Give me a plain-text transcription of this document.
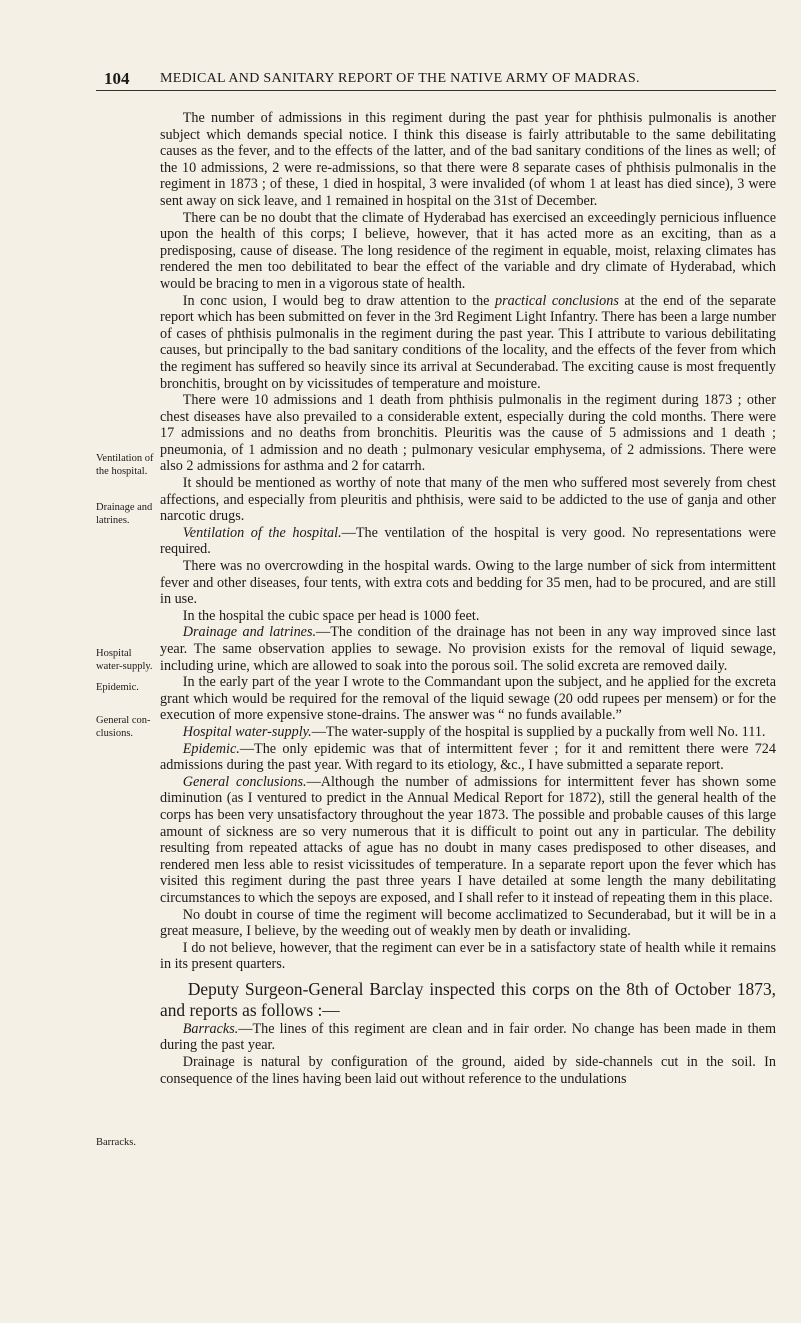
104 MEDICAL AND SANITARY REPORT OF THE NATIVE ARMY OF MADRAS.
Ventilation of the hospital.
Drainage and latrines.
Hospital water-supply.
Epidemic.
General con-clusions.
Barracks.

The number of admissions in this regiment during the past year for phthisis pulmonalis is another subject which demands special notice. I think this disease is fairly attributable to the same debilitating causes as the fever, and to the effects of the latter, and of the bad sanitary conditions of the lines as well; of the 10 admissions, 2 were re-admissions, so that there were 8 separate cases of phthisis pulmonalis in the regiment in 1873 ; of these, 1 died in hospital, 3 were invalided (of whom 1 at least has died since), 3 were sent away on sick leave, and 1 remained in hospital on the 31st of December.

There can be no doubt that the climate of Hyderabad has exercised an exceedingly pernicious influence upon the health of this corps; I believe, however, that it has acted more as an exciting, than as a predisposing, cause of disease. The long residence of the regiment in equable, moist, relaxing climates has rendered the men too debilitated to bear the effect of the variable and dry climate of Hyderabad, which would be bracing to men in a vigorous state of health.

In conc usion, I would beg to draw attention to the practical conclusions at the end of the separate report which has been submitted on fever in the 3rd Regiment Light Infantry. There has been a large number of cases of phthisis pulmonalis in the regiment during the past year. This I attribute to various debilitating causes, but principally to the bad sanitary conditions of the locality, and the effects of the fever from which the regiment has suffered so heavily since its arrival at Secunderabad. The exciting cause is most frequently bronchitis, brought on by vicissitudes of temperature and moisture.

There were 10 admissions and 1 death from phthisis pulmonalis in the regiment during 1873 ; other chest diseases have also prevailed to a considerable extent, especially during the cold months. There were 17 admissions and no deaths from bronchitis. Pleuritis was the cause of 5 admissions and 1 death ; pneumonia, of 1 admission and no death ; pulmonary vesicular emphysema, of 2 admissions. There were also 2 admissions for asthma and 2 for catarrh.

It should be mentioned as worthy of note that many of the men who suffered most severely from chest affections, and especially from pleuritis and phthisis, were said to be addicted to the use of ganja and other narcotic drugs.

Ventilation of the hospital.—The ventilation of the hospital is very good. No representations were required.

There was no overcrowding in the hospital wards. Owing to the large number of sick from intermittent fever and other diseases, four tents, with extra cots and bedding for 35 men, had to be procured, and are still in use.

In the hospital the cubic space per head is 1000 feet.

Drainage and latrines.—The condition of the drainage has not been in any way improved since last year. The same observation applies to sewage. No provision exists for the removal of liquid sewage, including urine, which are allowed to soak into the porous soil. The solid excreta are removed daily.

In the early part of the year I wrote to the Commandant upon the subject, and he applied for the excreta grant which would be required for the removal of the liquid sewage (20 odd rupees per mensem) or for the execution of more expensive stone-drains. The answer was “ no funds available.”

Hospital water-supply.—The water-supply of the hospital is supplied by a puckally from well No. 111.

Epidemic.—The only epidemic was that of intermittent fever ; for it and remittent there were 724 admissions during the past year. With regard to its etiology, &c., I have submitted a separate report.

General conclusions.—Although the number of admissions for intermittent fever has shown some diminution (as I ventured to predict in the Annual Medical Report for 1872), still the general health of the corps has been very unsatisfactory throughout the year 1873. The possible and probable causes of this large amount of sickness are so very numerous that it is difficult to point out any in particular. The debility resulting from repeated attacks of ague has no doubt in many cases predisposed to other diseases, and rendered men less able to resist vicissitudes of temperature. In a separate report upon the fever which has visited this regiment during the past three years I have detailed at some length the many debilitating circumstances to which the sepoys are exposed, and I shall refer to it instead of repeating them in this place.

No doubt in course of time the regiment will become acclimatized to Secunderabad, but it will be in a great measure, I believe, by the weeding out of weakly men by death or invaliding.

I do not believe, however, that the regiment can ever be in a satisfactory state of health while it remains in its present quarters.

Deputy Surgeon-General Barclay inspected this corps on the 8th of October 1873, and reports as follows :—

Barracks.—The lines of this regiment are clean and in fair order. No change has been made in them during the past year.

Drainage is natural by configuration of the ground, aided by side-channels cut in the soil. In consequence of the lines having been laid out without reference to the undulations
